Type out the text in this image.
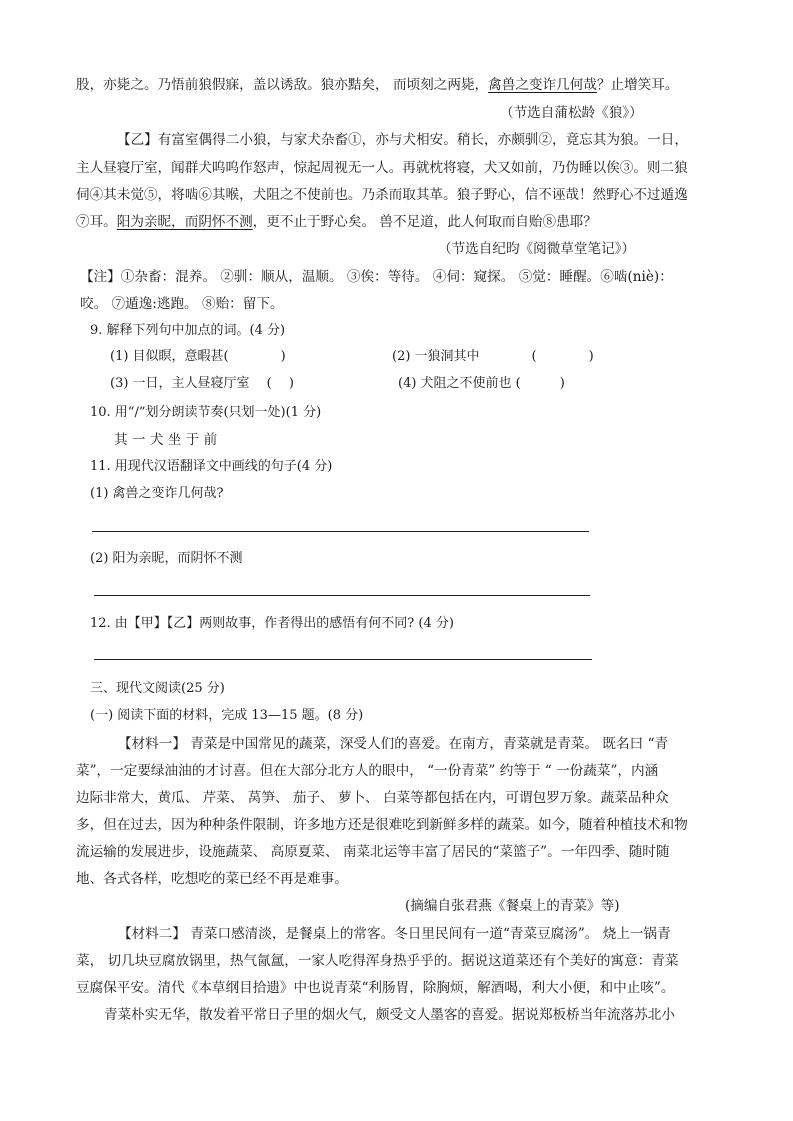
股，亦毙之。乃悟前狼假寐，盖以诱敌。狼亦黠矣， 而顷刻之两毙，禽兽之变诈几何哉？止增笑耳。
（节选自蒲松龄《狼》）
【乙】有富室偶得二小狼，与家犬杂畜①，亦与犬相安。稍长，亦颇驯②，竟忘其为狼。一日，
主人昼寝厅室，闻群犬呜呜作怒声，惊起周视无一人。再就枕将寝，犬又如前，乃伪睡以俟③。则二狼
伺④其未觉⑤，将啮⑥其喉，犬阻之不使前也。乃杀而取其革。狼子野心，信不诬哉！然野心不过遁逸
⑦耳。阳为亲昵，而阴怀不测，更不止于野心矣。 兽不足道，此人何取而自贻⑧患耶？
（节选自纪昀《阅微草堂笔记》）
【注】①杂畜：混养。 ②驯：顺从，温顺。 ③俟：等待。 ④伺：窥探。 ⑤觉：睡醒。⑥啮(niè)：
咬。 ⑦遁逸:逃跑。 ⑧贻：留下。
9. 解释下列句中加点的词。(4 分)
(1) 目似瞑，意暇甚(　　　　)	(2) 一狼洞其中　　　　(　　　　)
(3) 一日，主人昼寝厅室　 (　 )	(4) 犬阻之不使前也 (　　　)
10. 用“/”划分朗读节奏(只划一处)(1 分)
其 一 犬 坐 于 前
11. 用现代汉语翻译文中画线的句子(4 分)
(1) 禽兽之变诈几何哉?
(2) 阳为亲昵，而阴怀不测
12. 由【甲】【乙】两则故事，作者得出的感悟有何不同? (4 分)
三、现代文阅读(25 分)
(一) 阅读下面的材料，完成 13—15 题。(8 分)
【材料一】 青菜是中国常见的蔬菜，深受人们的喜爱。在南方，青菜就是青菜。 既名曰 “青
菜”，一定要绿油油的才讨喜。但在大部分北方人的眼中， “一份青菜” 约等于 “ 一份蔬菜”，内涵
边际非常大，黄瓜、 芹菜、 莴笋、 茄子、 萝卜、 白菜等都包括在内，可谓包罗万象。蔬菜品种众
多，但在过去，因为种种条件限制，许多地方还是很难吃到新鲜多样的蔬菜。如今，随着种植技术和物
流运输的发展进步，设施蔬菜、 高原夏菜、 南菜北运等丰富了居民的“菜篮子”。一年四季、随时随
地、各式各样，吃想吃的菜已经不再是难事。
(摘编自张君燕《餐桌上的青菜》等)
【材料二】 青菜口感清淡，是餐桌上的常客。冬日里民间有一道“青菜豆腐汤”。 烧上一锅青
菜， 切几块豆腐放锅里，热气氤氲，一家人吃得浑身热乎乎的。据说这道菜还有个美好的寓意：青菜
豆腐保平安。清代《本草纲目拾遗》中也说青菜“利肠胃，除胸烦，解酒喝，利大小便，和中止咳”。
青菜朴实无华，散发着平常日子里的烟火气，颇受文人墨客的喜爱。据说郑板桥当年流落苏北小
